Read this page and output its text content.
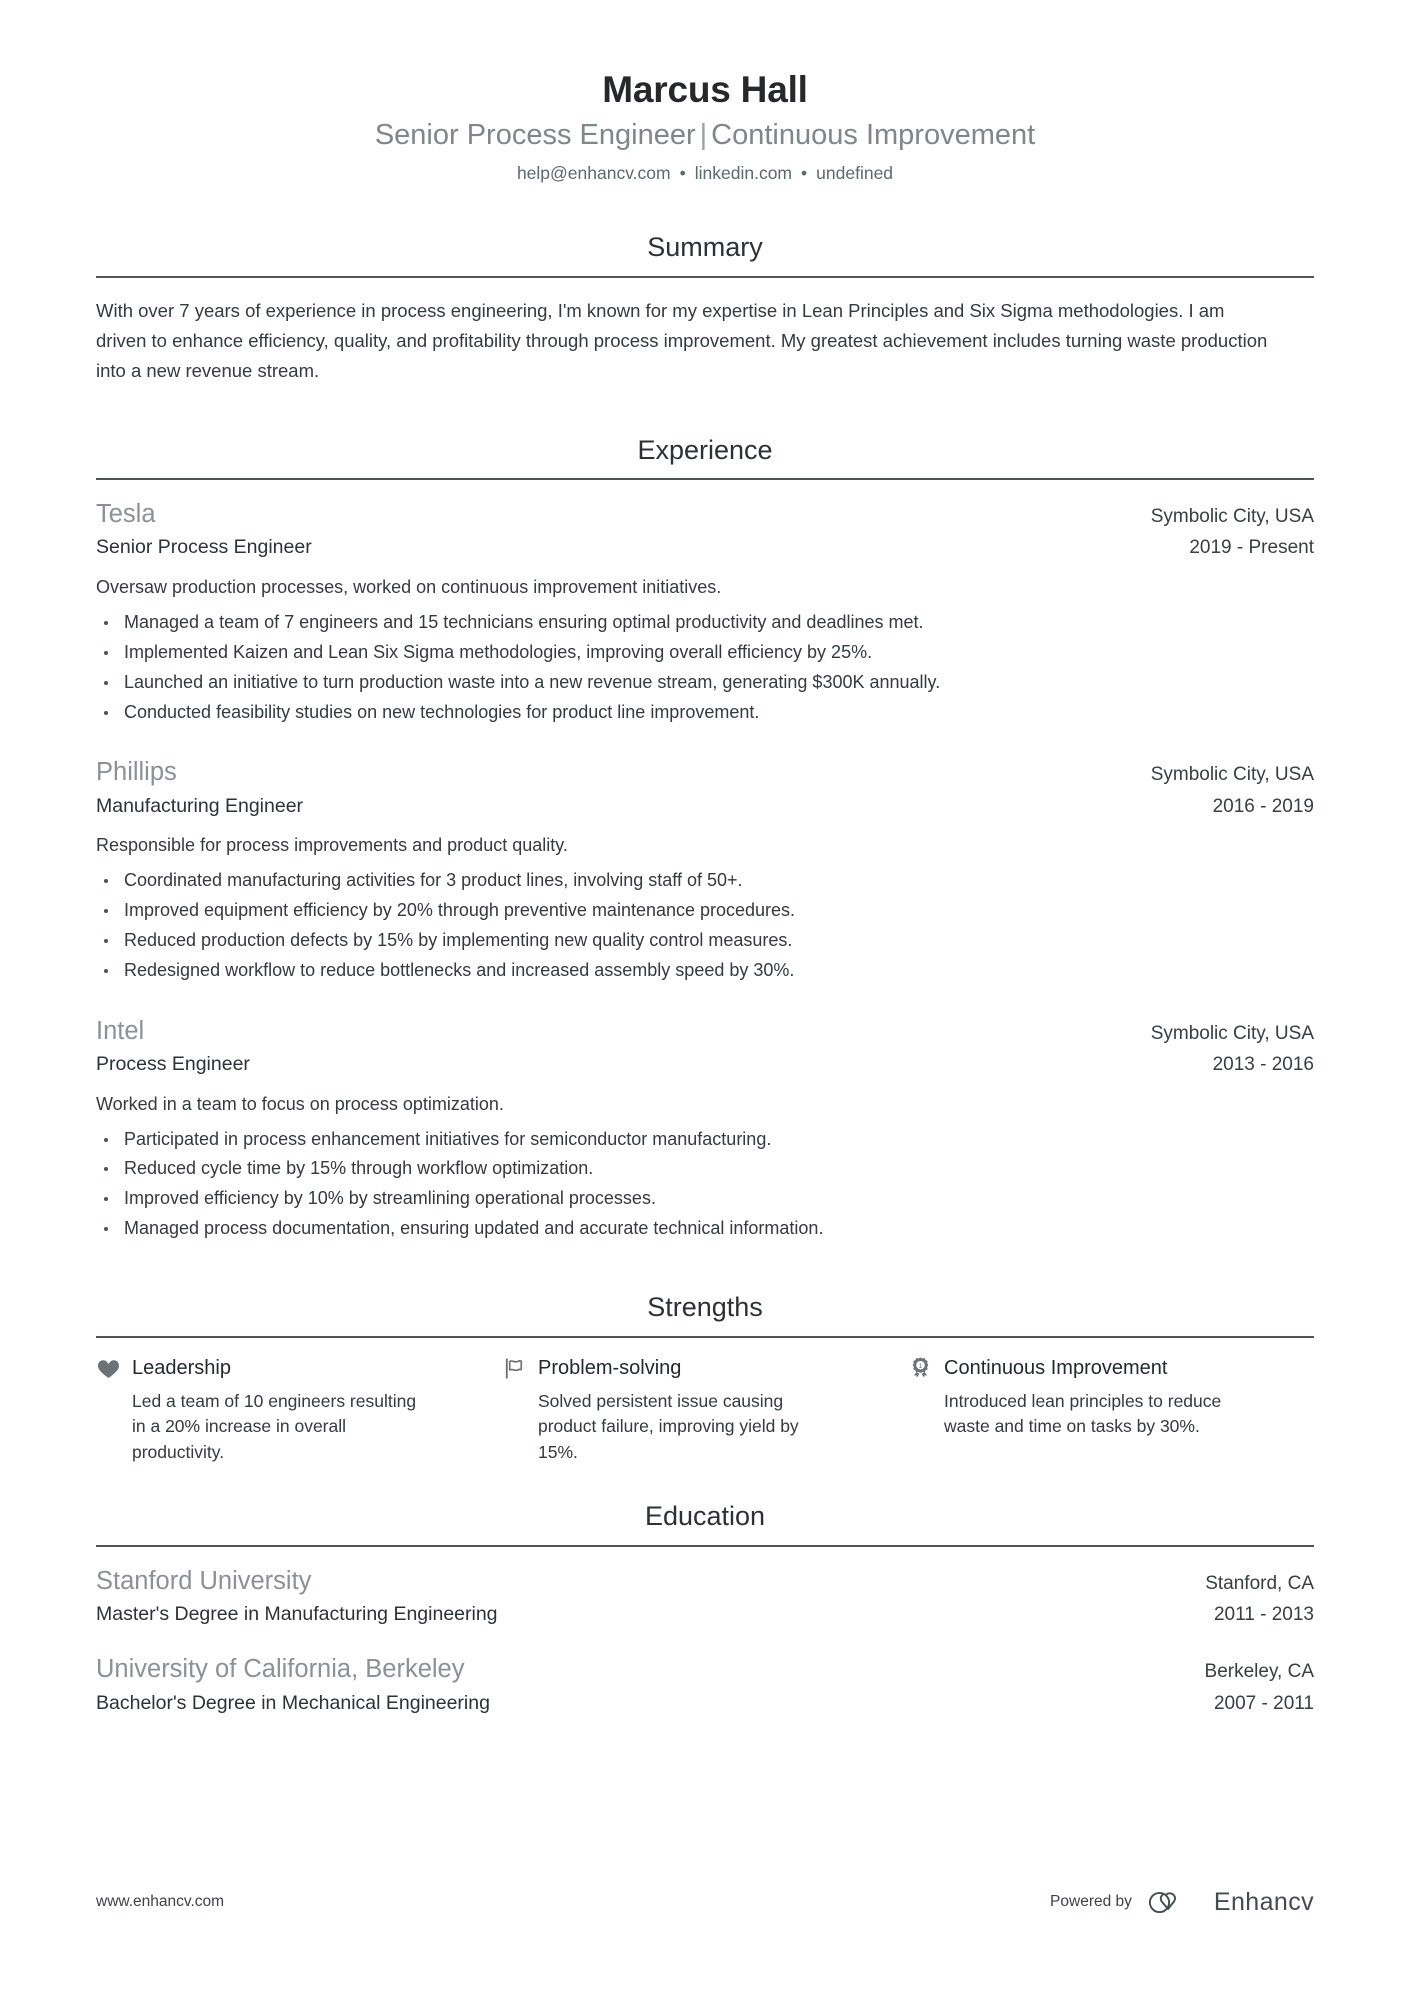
Marcus Hall
Senior Process Engineer | Continuous Improvement
help@enhancv.com • linkedin.com • undefined
Summary

With over 7 years of experience in process engineering, I'm known for my expertise in Lean Principles and Six Sigma methodologies. I am driven to enhance efficiency, quality, and profitability through process improvement. My greatest achievement includes turning waste production into a new revenue stream.

Experience
Tesla	Symbolic City, USA
Senior Process Engineer	2019 - Present
Oversaw production processes, worked on continuous improvement initiatives.
Managed a team of 7 engineers and 15 technicians ensuring optimal productivity and deadlines met.
Implemented Kaizen and Lean Six Sigma methodologies, improving overall efficiency by 25%.
Launched an initiative to turn production waste into a new revenue stream, generating $300K annually.
Conducted feasibility studies on new technologies for product line improvement.
Phillips	Symbolic City, USA
Manufacturing Engineer	2016 - 2019
Responsible for process improvements and product quality.
Coordinated manufacturing activities for 3 product lines, involving staff of 50+.
Improved equipment efficiency by 20% through preventive maintenance procedures.
Reduced production defects by 15% by implementing new quality control measures.
Redesigned workflow to reduce bottlenecks and increased assembly speed by 30%.
Intel	Symbolic City, USA
Process Engineer	2013 - 2016
Worked in a team to focus on process optimization.
Participated in process enhancement initiatives for semiconductor manufacturing.
Reduced cycle time by 15% through workflow optimization.
Improved efficiency by 10% by streamlining operational processes.
Managed process documentation, ensuring updated and accurate technical information.
Strengths
Leadership
Led a team of 10 engineers resulting in a 20% increase in overall productivity.
Problem-solving
Solved persistent issue causing product failure, improving yield by 15%.
1 Continuous Improvement
Introduced lean principles to reduce waste and time on tasks by 30%.
Education
Stanford University	Stanford, CA
Master's Degree in Manufacturing Engineering	2011 - 2013
University of California, Berkeley	Berkeley, CA
Bachelor's Degree in Mechanical Engineering	2007 - 2011
www.enhancv.com	Powered by	Enhancv
